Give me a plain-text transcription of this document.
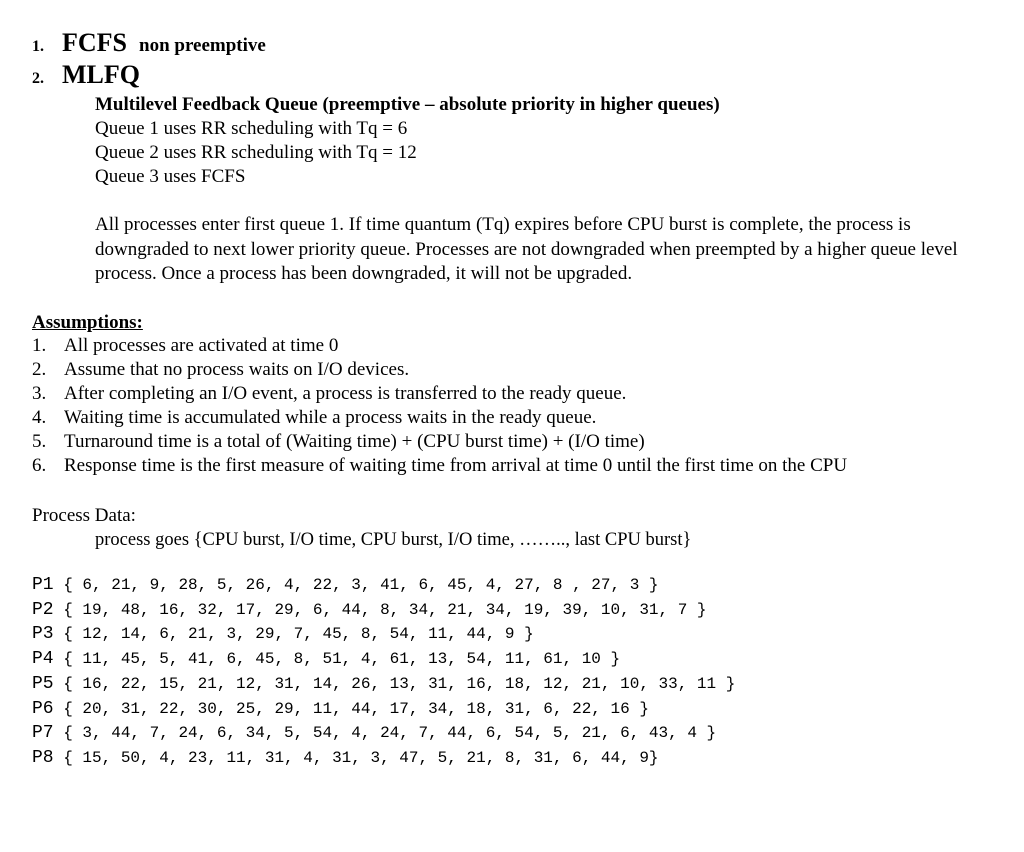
1. FCFS non preemptive
2. MLFQ
Multilevel Feedback Queue (preemptive – absolute priority in higher queues)
Queue 1 uses RR scheduling with Tq = 6
Queue 2 uses RR scheduling with Tq = 12
Queue 3 uses FCFS
All processes enter first queue 1. If time quantum (Tq) expires before CPU burst is complete, the process is downgraded to next lower priority queue. Processes are not downgraded when preempted by a higher queue level process. Once a process has been downgraded, it will not be upgraded.
Assumptions:
1. All processes are activated at time 0
2. Assume that no process waits on I/O devices.
3. After completing an I/O event, a process is transferred to the ready queue.
4. Waiting time is accumulated while a process waits in the ready queue.
5. Turnaround time is a total of (Waiting time) + (CPU burst time) + (I/O time)
6. Response time is the first measure of waiting time from arrival at time 0 until the first time on the CPU
Process Data:
process goes {CPU burst, I/O time, CPU burst, I/O time, …….., last CPU burst}
P1 { 6, 21, 9, 28, 5, 26, 4, 22, 3, 41, 6, 45, 4, 27, 8 , 27, 3 }
P2 { 19, 48, 16, 32, 17, 29, 6, 44, 8, 34, 21, 34, 19, 39, 10, 31, 7 }
P3 { 12, 14, 6, 21, 3, 29, 7, 45, 8, 54, 11, 44, 9 }
P4 { 11, 45, 5, 41, 6, 45, 8, 51, 4, 61, 13, 54, 11, 61, 10 }
P5 { 16, 22, 15, 21, 12, 31, 14, 26, 13, 31, 16, 18, 12, 21, 10, 33, 11 }
P6 { 20, 31, 22, 30, 25, 29, 11, 44, 17, 34, 18, 31, 6, 22, 16 }
P7 { 3, 44, 7, 24, 6, 34, 5, 54, 4, 24, 7, 44, 6, 54, 5, 21, 6, 43, 4 }
P8 { 15, 50, 4, 23, 11, 31, 4, 31, 3, 47, 5, 21, 8, 31, 6, 44, 9}
